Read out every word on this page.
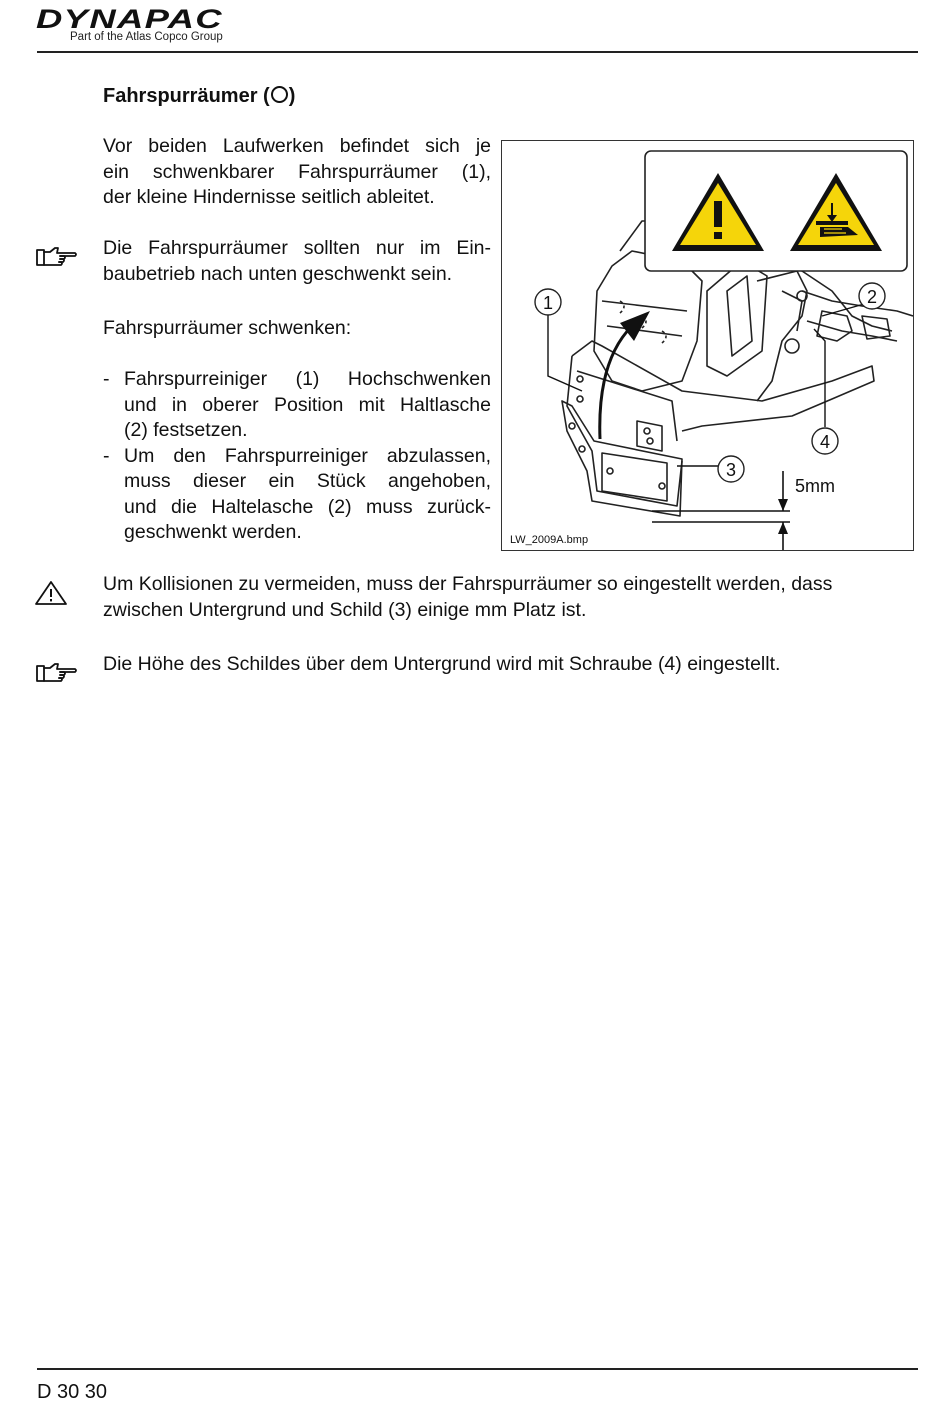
DYNAPAC
Part of the Atlas Copco Group
Fahrspurräumer ( )
Vor beiden Laufwerken befindet sich je
ein schwenkbarer Fahrspurräumer (1),
der kleine Hindernisse seitlich ableitet.
Die Fahrspurräumer sollten nur im Ein-
baubetrieb nach unten geschwenkt sein.
Fahrspurräumer schwenken:
- Fahrspurreiniger (1) Hochschwenken
und in oberer Position mit Haltlasche
(2) festsetzen.
- Um den Fahrspurreiniger abzulassen,
muss dieser ein Stück angehoben,
und die Haltelasche (2) muss zurück-
geschwenkt werden.
1	2
3
4
5mm
LW_2009A.bmp
Um Kollisionen zu vermeiden, muss der Fahrspurräumer so eingestellt werden, dass
zwischen Untergrund und Schild (3) einige mm Platz ist.
Die Höhe des Schildes über dem Untergrund wird mit Schraube (4) eingestellt.
D 30 30
